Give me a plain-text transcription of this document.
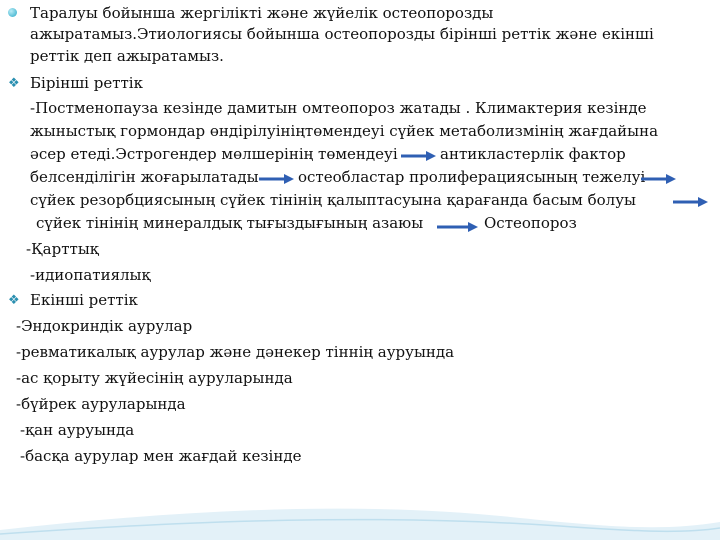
Таралуы бойынша жергілікті және жүйелік остеопорозды
ажыратамыз.Этиологиясы бойынша остеопорозды бірінші реттік және екінші
реттік деп ажыратамыз.
❖ Бірінші реттік
-Постменопауза кезінде дамитын омтеопороз жатады . Климактерия кезінде
жыныстық гормондар өндірілуініңтөмендеуі сүйек метаболизмінің жағдайына
әсер етеді.Эстрогендер мөлшерінің төмендеуі	антикластерлік фактор
белсенділігін жоғарылатады	остеобластар пролиферациясының тежелуі
сүйек резорбциясының сүйек тінінің қалыптасуына қарағанда басым болуы
сүйек тінінің минералдық тығыздығының азаюы	Остеопороз
-Қарттық
-идиопатиялық
❖ Екінші реттік
-Эндокриндік аурулар
-ревматикалық аурулар және дәнекер тіннің ауруында
-ас қорыту жүйесінің ауруларында
-бүйрек ауруларында
-қан ауруында
-басқа аурулар мен жағдай кезінде
